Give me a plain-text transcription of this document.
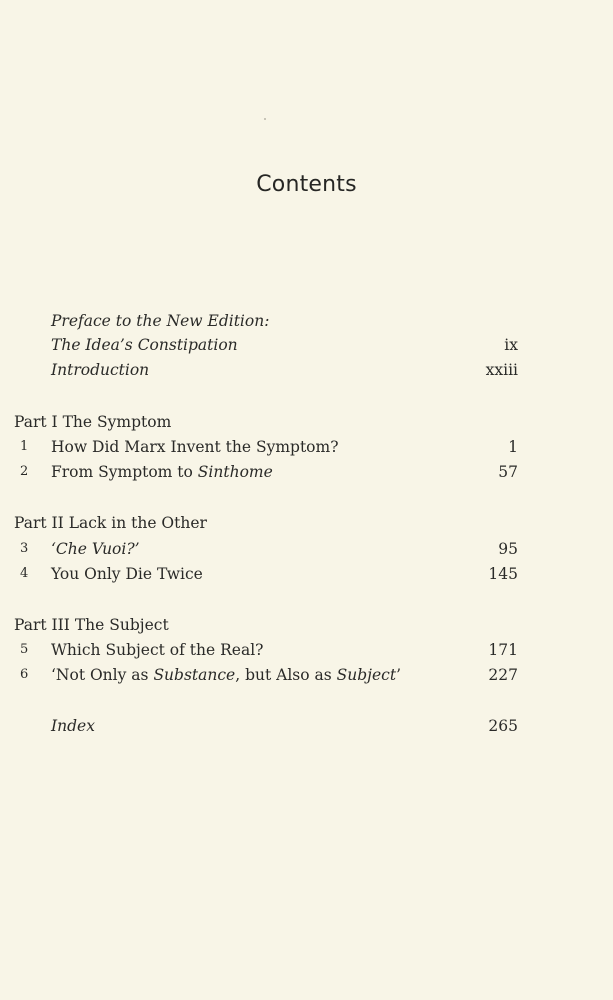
Contents
Preface to the New Edition:
The Idea’s Constipation	ix
Introduction	xxiii
Part I The Symptom
1 How Did Marx Invent the Symptom?	1
2 From Symptom to Sinthome	57
Part II Lack in the Other
3 ‘Che Vuoi?’	95
4 You Only Die Twice	145
Part III The Subject
5 Which Subject of the Real?	171
6 ‘Not Only as Substance, but Also as Subject’	227
Index	265
